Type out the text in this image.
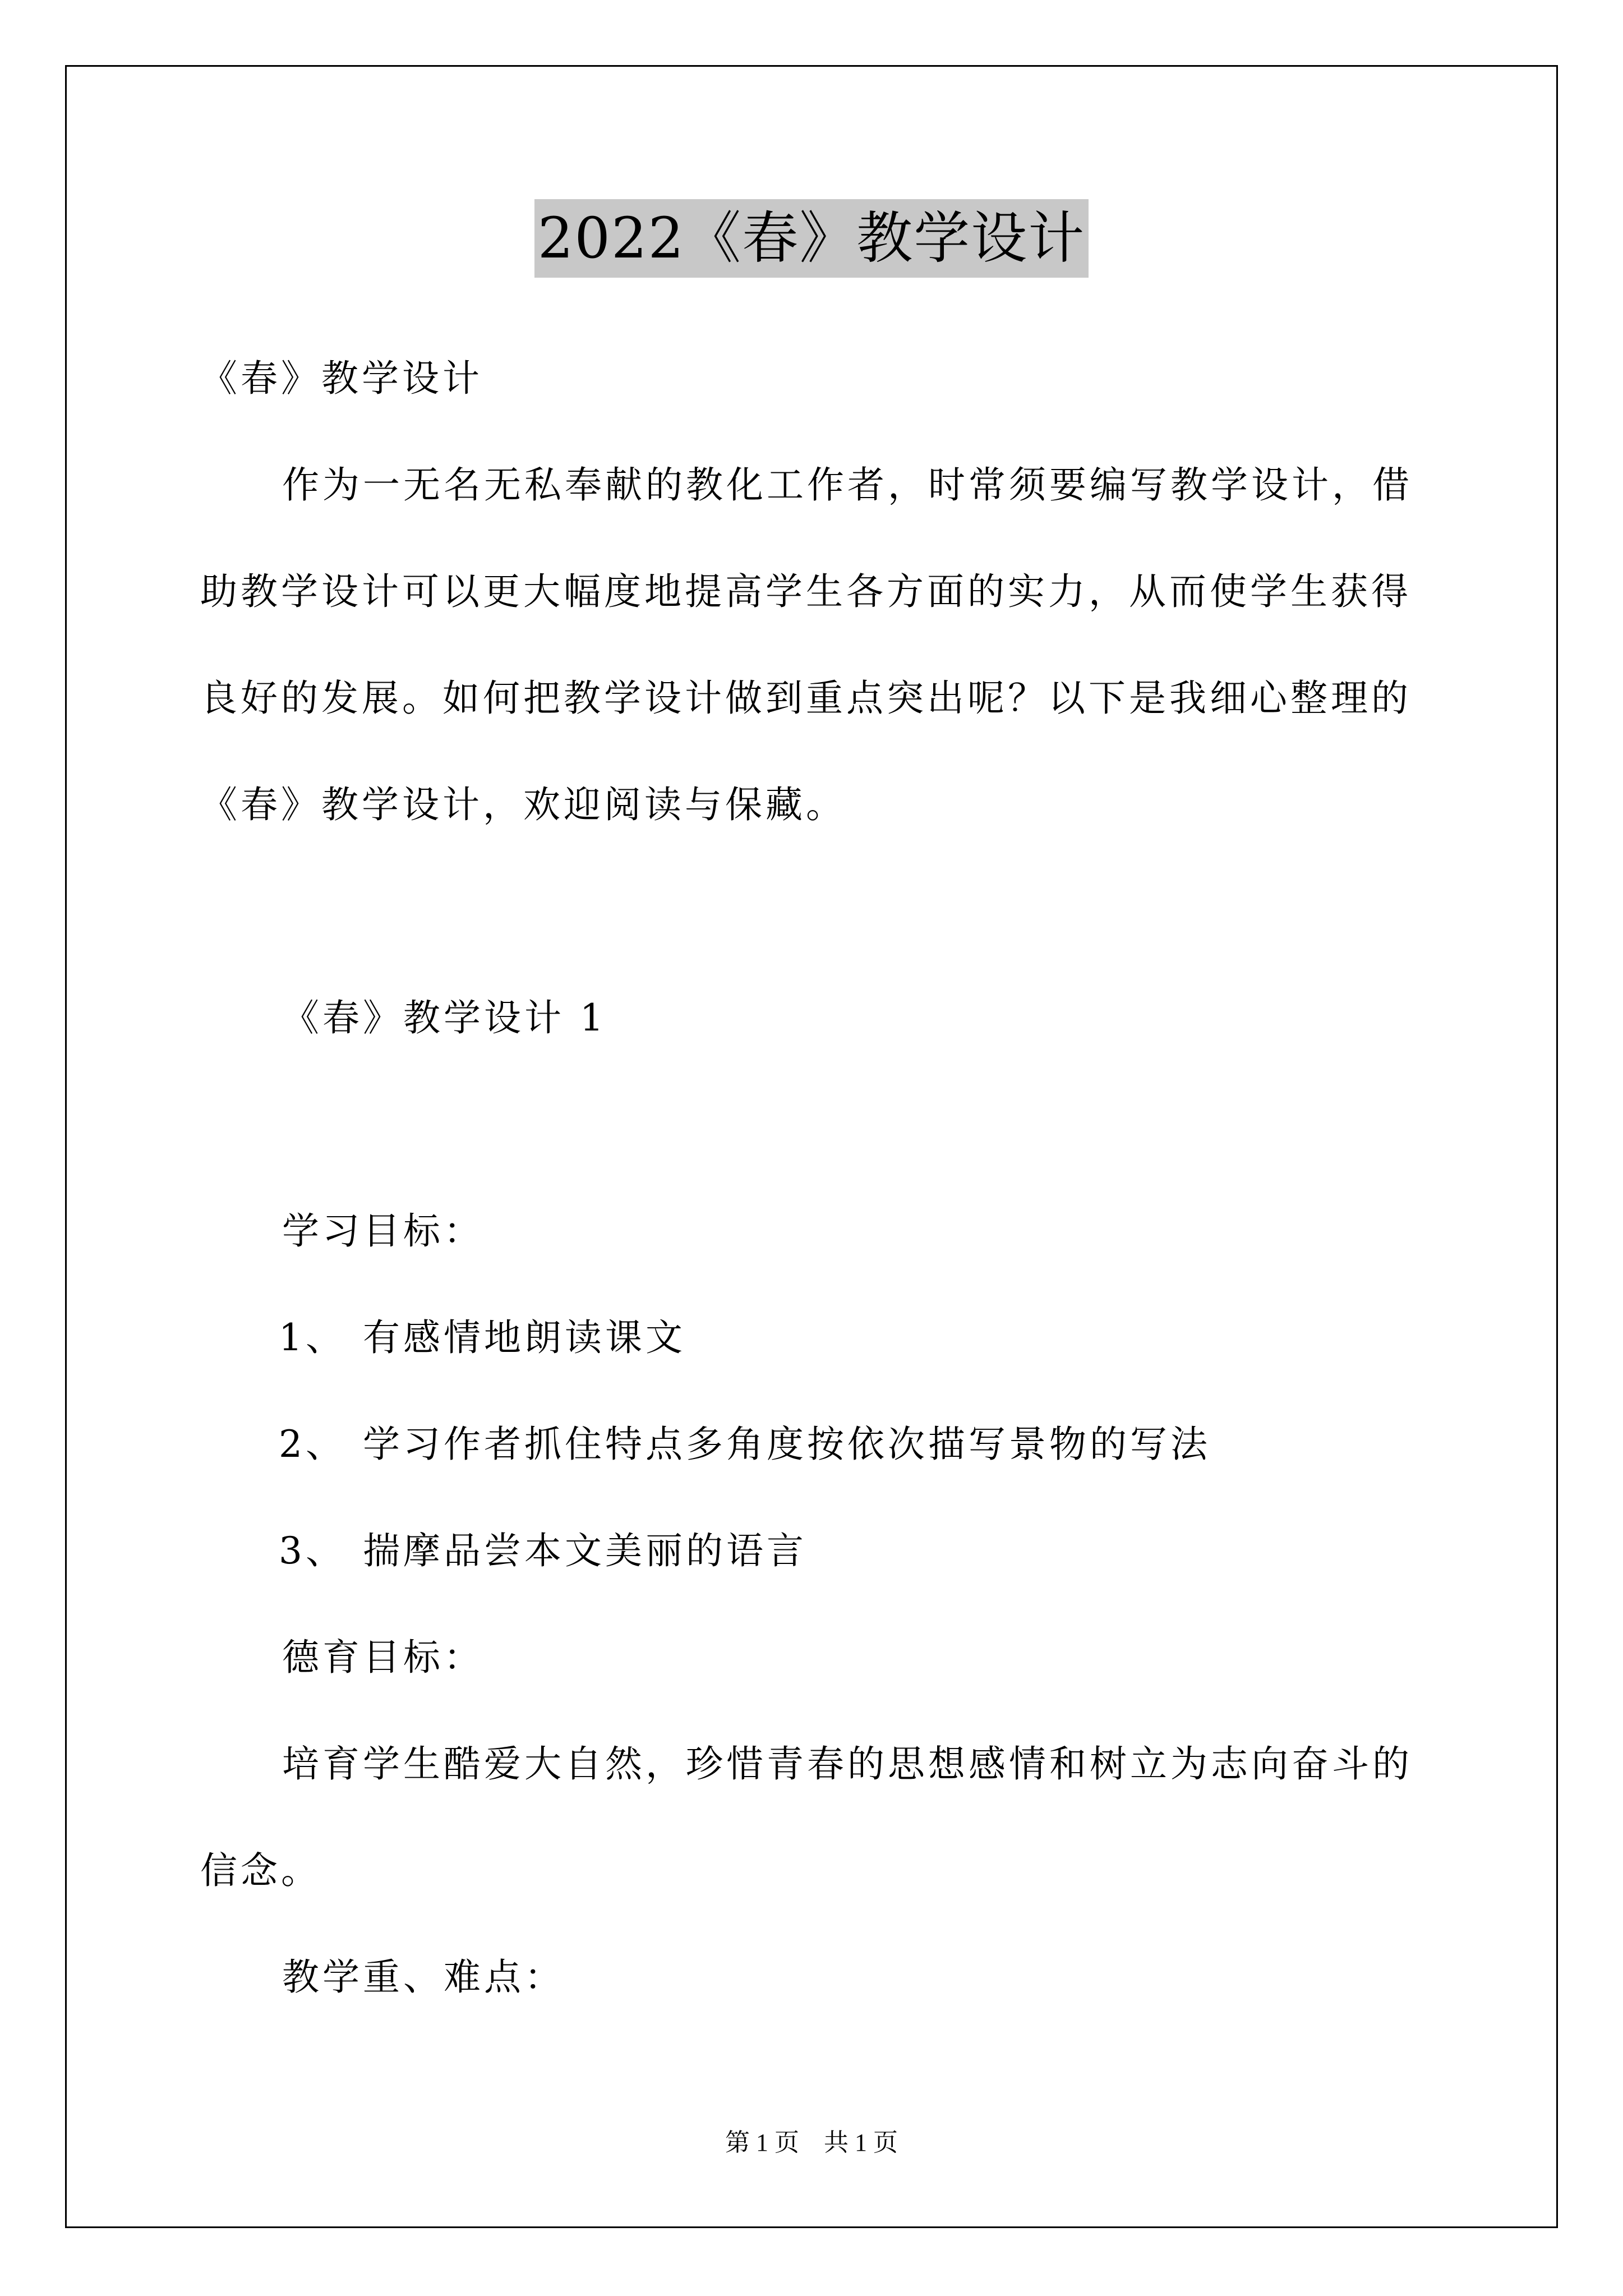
2022《春》教学设计
《春》教学设计
作为一无名无私奉献的教化工作者，时常须要编写教学设计，借
助教学设计可以更大幅度地提高学生各方面的实力，从而使学生获得
良好的发展。如何把教学设计做到重点突出呢？以下是我细心整理的
《春》教学设计，欢迎阅读与保藏。
《春》教学设计 1
学习目标：
1、 有感情地朗读课文
2、 学习作者抓住特点多角度按依次描写景物的写法
3、 揣摩品尝本文美丽的语言
德育目标：
培育学生酷爱大自然，珍惜青春的思想感情和树立为志向奋斗的
信念。
教学重、难点：
第 1 页　共 1 页
